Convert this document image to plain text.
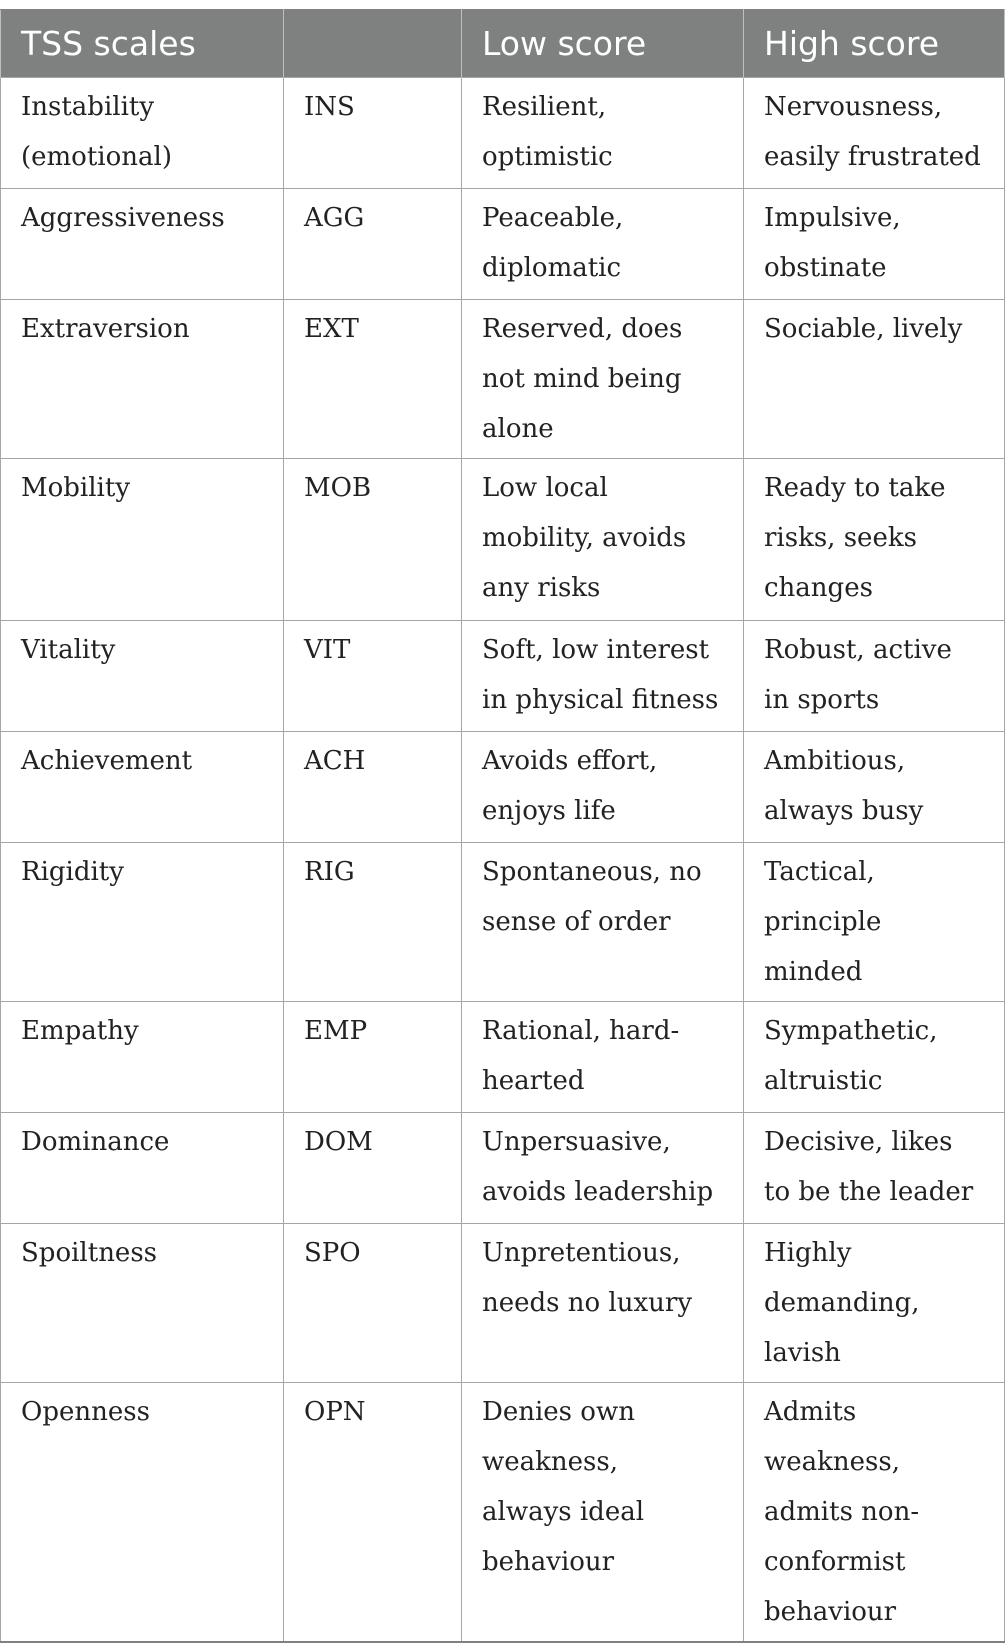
TSS scales		Low score	High score
Instability (emotional)	INS	Resilient, optimistic	Nervousness, easily frustrated
Aggressiveness	AGG	Peaceable, diplomatic	Impulsive, obstinate
Extraversion	EXT	Reserved, does not mind being alone	Sociable, lively
Mobility	MOB	Low local mobility, avoids any risks	Ready to take risks, seeks changes
Vitality	VIT	Soft, low interest in physical fitness	Robust, active in sports
Achievement	ACH	Avoids effort, enjoys life	Ambitious, always busy
Rigidity	RIG	Spontaneous, no sense of order	Tactical, principle minded
Empathy	EMP	Rational, hard-hearted	Sympathetic, altruistic
Dominance	DOM	Unpersuasive, avoids leadership	Decisive, likes to be the leader
Spoiltness	SPO	Unpretentious, needs no luxury	Highly demanding, lavish
Openness	OPN	Denies own weakness, always ideal behaviour	Admits weakness, admits non-conformist behaviour
